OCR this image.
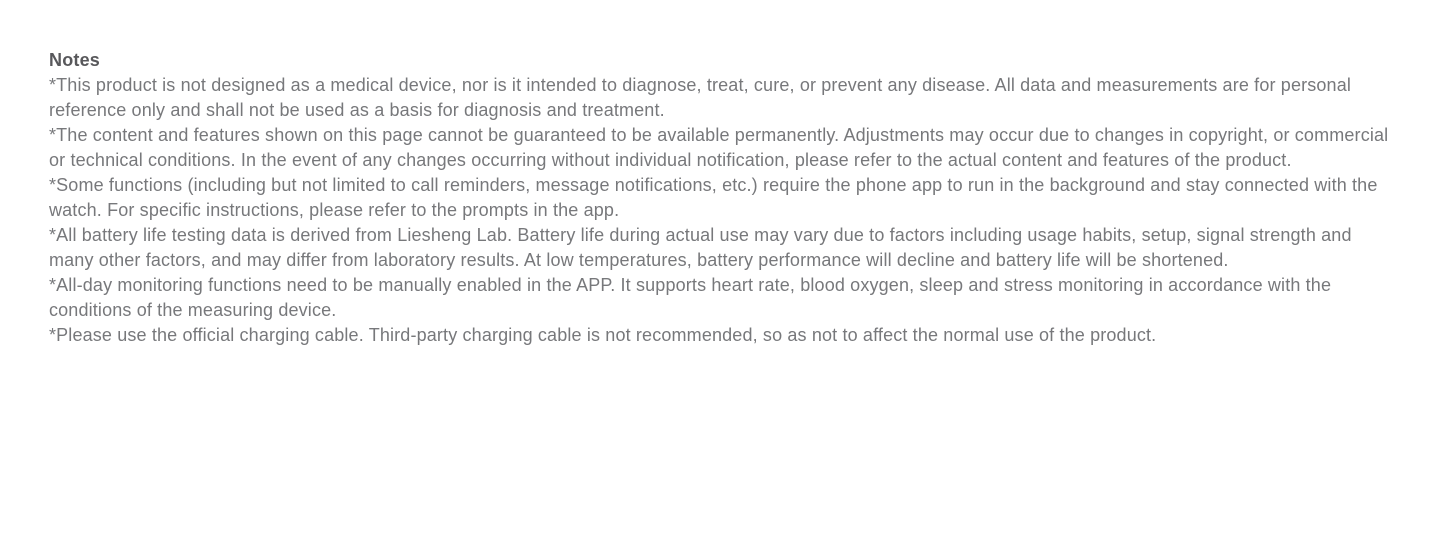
Notes

*This product is not designed as a medical device, nor is it intended to diagnose, treat, cure, or prevent any disease. All data and measurements are for personal reference only and shall not be used as a basis for diagnosis and treatment.

*The content and features shown on this page cannot be guaranteed to be available permanently. Adjustments may occur due to changes in copyright, or commercial or technical conditions. In the event of any changes occurring without individual notification, please refer to the actual content and features of the product.

*Some functions (including but not limited to call reminders, message notifications, etc.) require the phone app to run in the background and stay connected with the watch. For specific instructions, please refer to the prompts in the app.

*All battery life testing data is derived from Liesheng Lab. Battery life during actual use may vary due to factors including usage habits, setup, signal strength and many other factors, and may differ from laboratory results. At low temperatures, battery performance will decline and battery life will be shortened.

*All-day monitoring functions need to be manually enabled in the APP. It supports heart rate, blood oxygen, sleep and stress monitoring in accordance with the conditions of the measuring device.

*Please use the official charging cable. Third-party charging cable is not recommended, so as not to affect the normal use of the product.
